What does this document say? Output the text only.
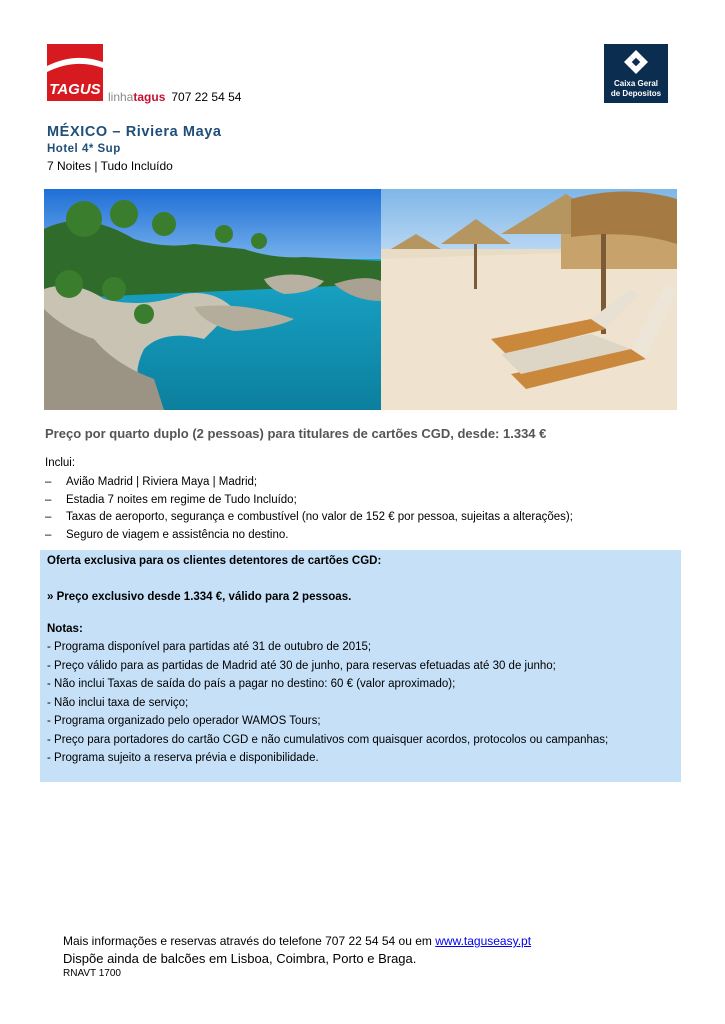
TAGUS linhatagus 707 22 54 54
Caixa Geral
de Depositos
MÉXICO – Riviera Maya
Hotel 4* Sup
7 Noites | Tudo Incluído
Preço por quarto duplo (2 pessoas) para titulares de cartões CGD, desde: 1.334 €
Inclui:
– Avião Madrid | Riviera Maya | Madrid;
– Estadia 7 noites em regime de Tudo Incluído;
– Taxas de aeroporto, segurança e combustível (no valor de 152 € por pessoa, sujeitas a alterações);
– Seguro de viagem e assistência no destino.
Oferta exclusiva para os clientes detentores de cartões CGD:
» Preço exclusivo desde 1.334 €, válido para 2 pessoas.
Notas:
- Programa disponível para partidas até 31 de outubro de 2015;
- Preço válido para as partidas de Madrid até 30 de junho, para reservas efetuadas até 30 de junho;
- Não inclui Taxas de saída do país a pagar no destino: 60 € (valor aproximado);
- Não inclui taxa de serviço;
- Programa organizado pelo operador WAMOS Tours;
- Preço para portadores do cartão CGD e não cumulativos com quaisquer acordos, protocolos ou campanhas;
- Programa sujeito a reserva prévia e disponibilidade.
Mais informações e reservas através do telefone 707 22 54 54 ou em www.taguseasy.pt
Dispõe ainda de balcões em Lisboa, Coimbra, Porto e Braga.
RNAVT 1700
